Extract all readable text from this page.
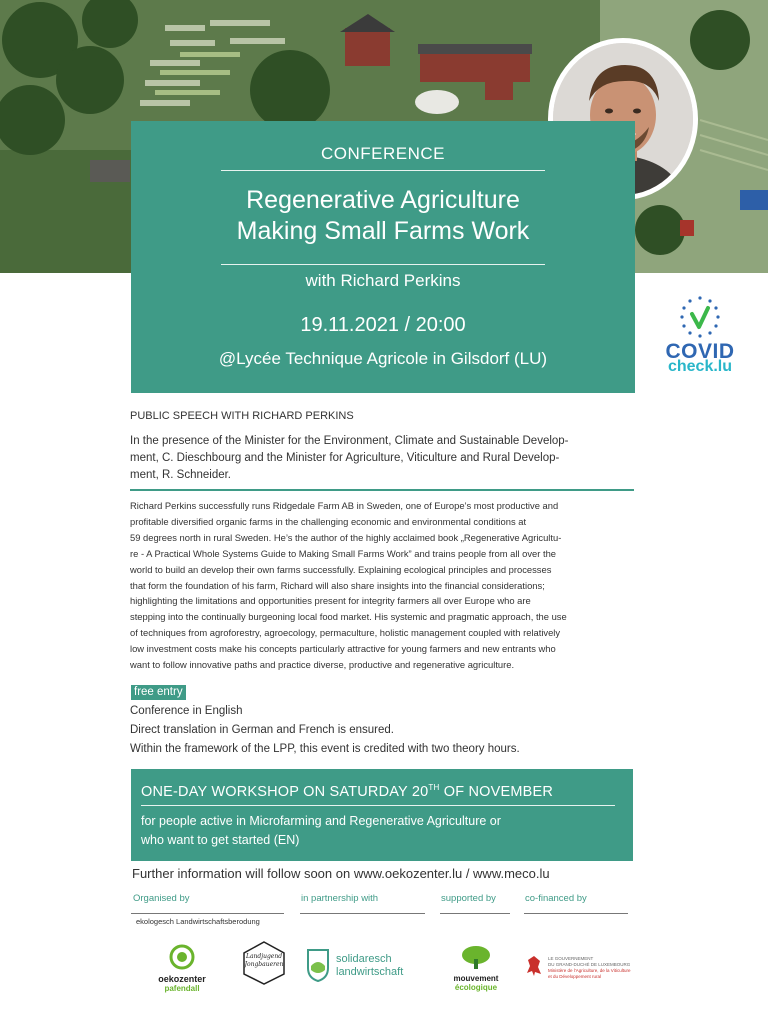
CONFERENCE
Regenerative Agriculture
Making Small Farms Work
with Richard Perkins
19.11.2021 / 20:00
@Lycée Technique Agricole in Gilsdorf (LU)	COVID
check.lu
PUBLIC SPEECH WITH RICHARD PERKINS
In the presence of the Minister for the Environment, Climate and Sustainable Develop-
ment, C. Dieschbourg and the Minister for Agriculture, Viticulture and Rural Develop-
ment, R. Schneider.
Richard Perkins successfully runs Ridgedale Farm AB in Sweden, one of Europe’s most productive and
profitable diversified organic farms in the challenging economic and environmental conditions at
59 degrees north in rural Sweden. He’s the author of the highly acclaimed book „Regenerative Agricultu-
re - A Practical Whole Systems Guide to Making Small Farms Work” and trains people from all over the
world to build an develop their own farms successfully. Explaining ecological principles and processes
that form the foundation of his farm, Richard will also share insights into the financial considerations;
highlighting the limitations and opportunities present for integrity farmers all over Europe who are
stepping into the continually burgeoning local food market. His systemic and pragmatic approach, the use
of techniques from agroforestry, agroecology, permaculture, holistic management coupled with relatively
low investment costs make his concepts particularly attractive for young farmers and new entrants who
want to follow innovative paths and practice diverse, productive and regenerative agriculture.
free entry
Conference in English
Direct translation in German and French is ensured.
Within the framework of the LPP, this event is credited with two theory hours.
ONE-DAY WORKSHOP ON SATURDAY 20TH OF NOVEMBER
for people active in Microfarming and Regenerative Agriculture or
who want to get started (EN)
Further information will follow soon on www.oekozenter.lu / www.meco.lu
Organised by	in partnership with	supported by	co-financed by
ekologesch Landwirtschaftsberodung
oekozenter
pafendall
Landjugend
Jongbaueren	solidaresch
landwirtschaft
mouvement
écologique
LE GOUVERNEMENT
DU GRAND-DUCHÉ DE LUXEMBOURG
Ministère de l’Agriculture, de la Viticulture
et du Développement rural
